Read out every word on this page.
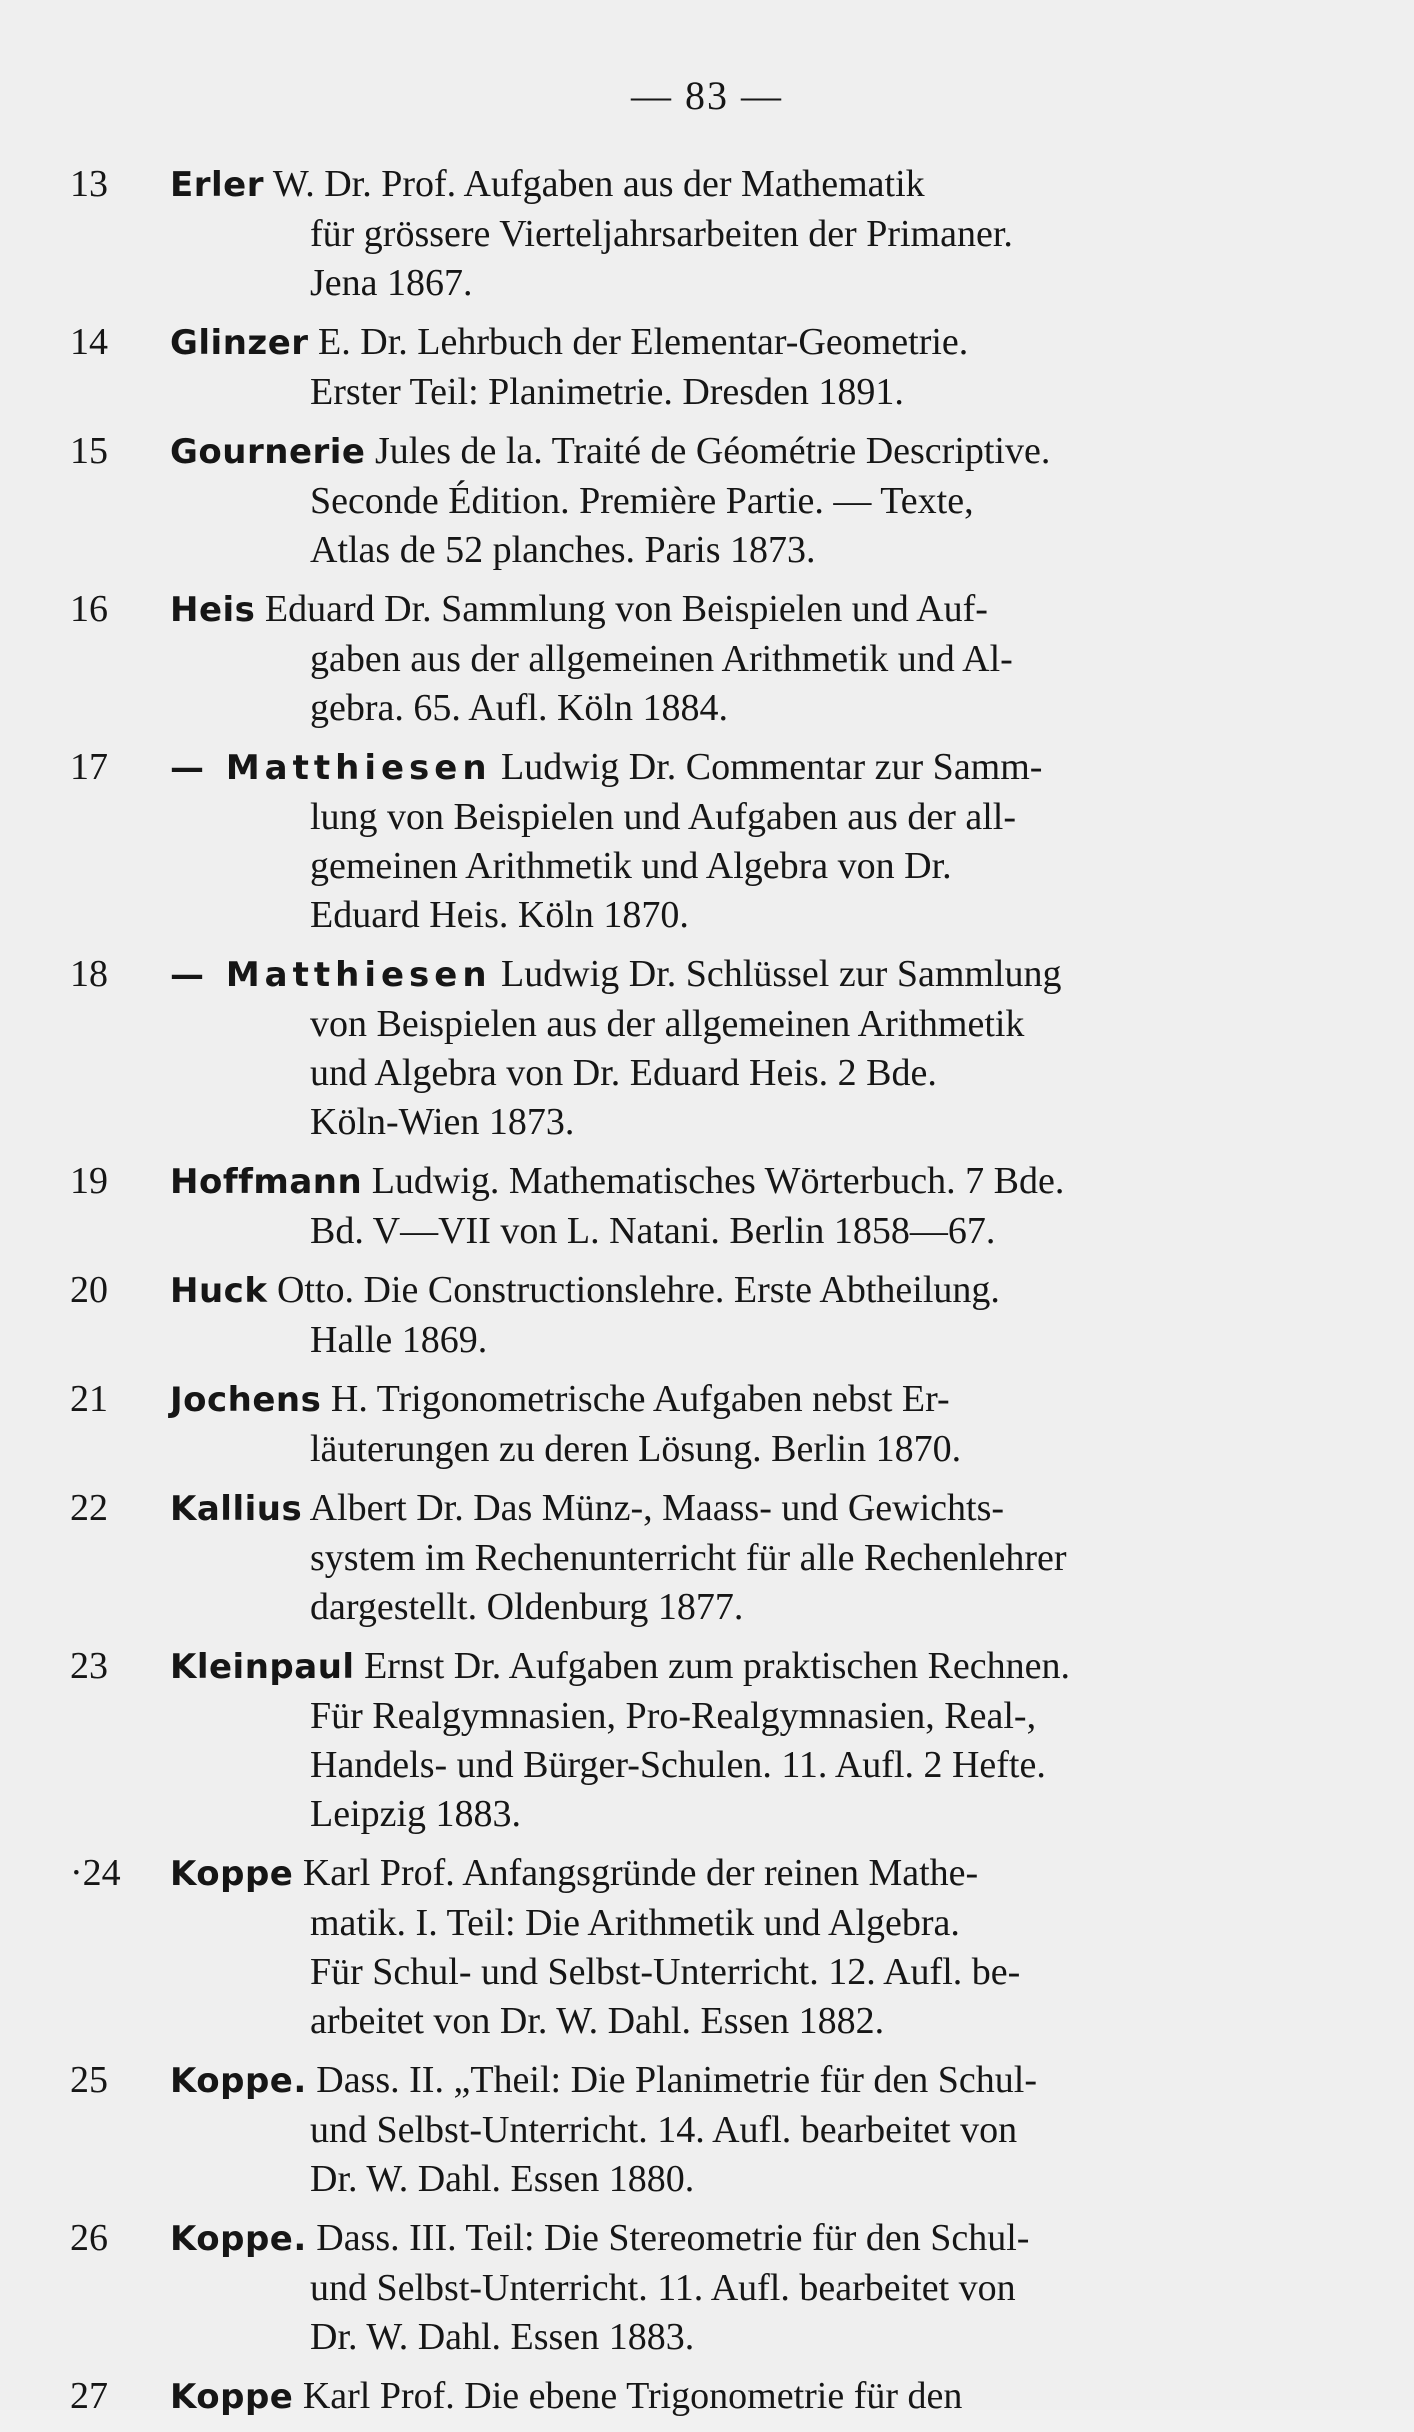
— 83 —
13	Erler W. Dr. Prof. Aufgaben aus der Mathematik
für grössere Vierteljahrsarbeiten der Primaner.
Jena 1867.
14	Glinzer E. Dr. Lehrbuch der Elementar-Geometrie.
Erster Teil: Planimetrie. Dresden 1891.
15	Gournerie Jules de la. Traité de Géométrie Descriptive.
Seconde Édition. Première Partie. — Texte,
Atlas de 52 planches. Paris 1873.
16	Heis Eduard Dr. Sammlung von Beispielen und Auf-
gaben aus der allgemeinen Arithmetik und Al-
gebra. 65. Aufl. Köln 1884.
17	— Matthiesen Ludwig Dr. Commentar zur Samm-
lung von Beispielen und Aufgaben aus der all-
gemeinen Arithmetik und Algebra von Dr.
Eduard Heis. Köln 1870.
18	— Matthiesen Ludwig Dr. Schlüssel zur Sammlung
von Beispielen aus der allgemeinen Arithmetik
und Algebra von Dr. Eduard Heis. 2 Bde.
Köln-Wien 1873.
19	Hoffmann Ludwig. Mathematisches Wörterbuch. 7 Bde.
Bd. V—VII von L. Natani. Berlin 1858—67.
20	Huck Otto. Die Constructionslehre. Erste Abtheilung.
Halle 1869.
21	Jochens H. Trigonometrische Aufgaben nebst Er-
läuterungen zu deren Lösung. Berlin 1870.
22	Kallius Albert Dr. Das Münz-, Maass- und Gewichts-
system im Rechenunterricht für alle Rechenlehrer
dargestellt. Oldenburg 1877.
23	Kleinpaul Ernst Dr. Aufgaben zum praktischen Rechnen.
Für Realgymnasien, Pro-Realgymnasien, Real-,
Handels- und Bürger-Schulen. 11. Aufl. 2 Hefte.
Leipzig 1883.
·24 Koppe Karl Prof. Anfangsgründe der reinen Mathe-
matik. I. Teil: Die Arithmetik und Algebra.
Für Schul- und Selbst-Unterricht. 12. Aufl. be-
arbeitet von Dr. W. Dahl. Essen 1882.
25	Koppe. Dass. II. „Theil: Die Planimetrie für den Schul-
und Selbst-Unterricht. 14. Aufl. bearbeitet von
Dr. W. Dahl. Essen 1880.
26	Koppe. Dass. III. Teil: Die Stereometrie für den Schul-
und Selbst-Unterricht. 11. Aufl. bearbeitet von
Dr. W. Dahl. Essen 1883.
27	Koppe Karl Prof. Die ebene Trigonometrie für den
